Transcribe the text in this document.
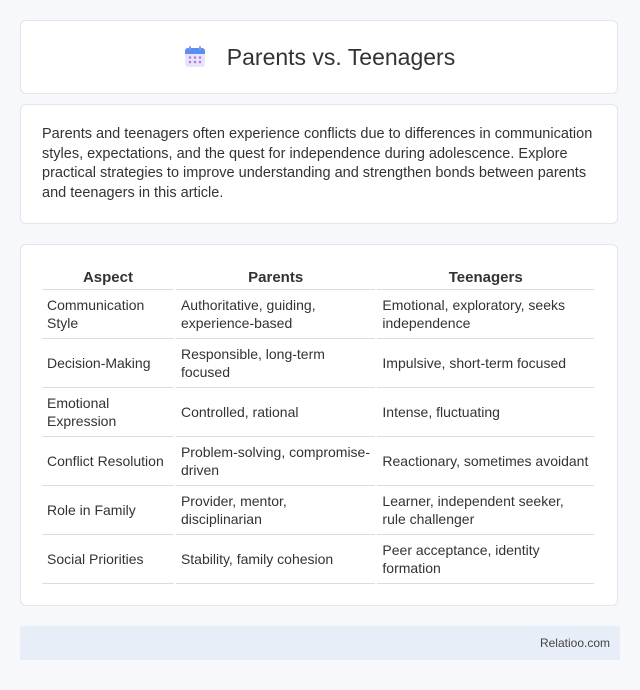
Parents vs. Teenagers

Parents and teenagers often experience conflicts due to differences in communication styles, expectations, and the quest for independence during adolescence. Explore practical strategies to improve understanding and strengthen bonds between parents and teenagers in this article.

Aspect	Parents	Teenagers
Communication Style	Authoritative, guiding, experience-based	Emotional, exploratory, seeks independence
Decision-Making	Responsible, long-term focused	Impulsive, short-term focused
Emotional Expression	Controlled, rational	Intense, fluctuating
Conflict Resolution	Problem-solving, compromise-driven	Reactionary, sometimes avoidant
Role in Family	Provider, mentor, disciplinarian	Learner, independent seeker, rule challenger
Social Priorities	Stability, family cohesion	Peer acceptance, identity formation
Relatioo.com
